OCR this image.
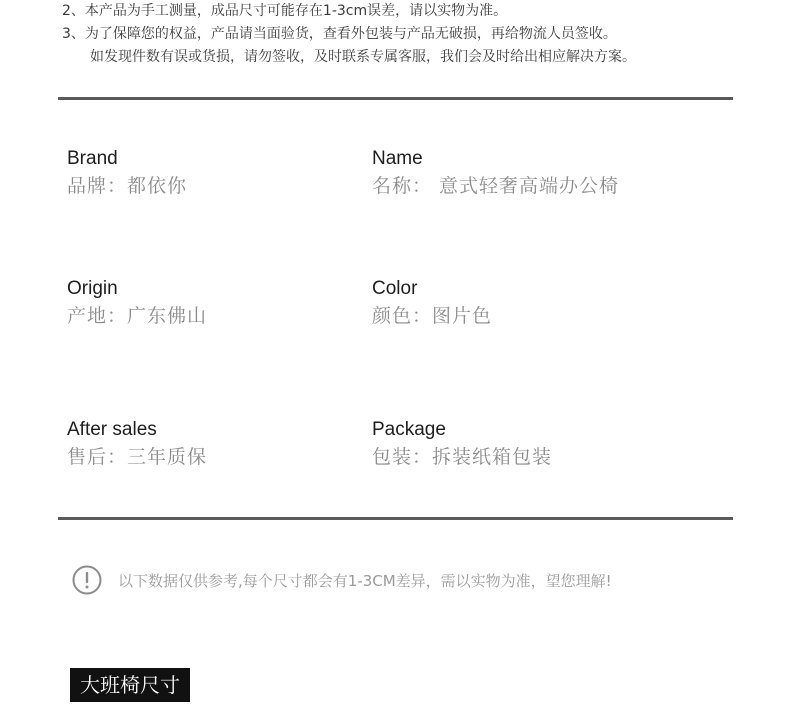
2、本产品为手工测量，成品尺寸可能存在1-3cm误差，请以实物为准。
3、为了保障您的权益，产品请当面验货，查看外包装与产品无破损，再给物流人员签收。
如发现件数有误或货损，请勿签收，及时联系专属客服，我们会及时给出相应解决方案。
Brand
品牌：都依你
Name
名称： 意式轻奢高端办公椅
Origin
产地：广东佛山
Color
颜色：图片色
After sales
售后：三年质保
Package
包装：拆装纸箱包装
以下数据仅供参考,每个尺寸都会有1-3CM差异，需以实物为准，望您理解!
大班椅尺寸
